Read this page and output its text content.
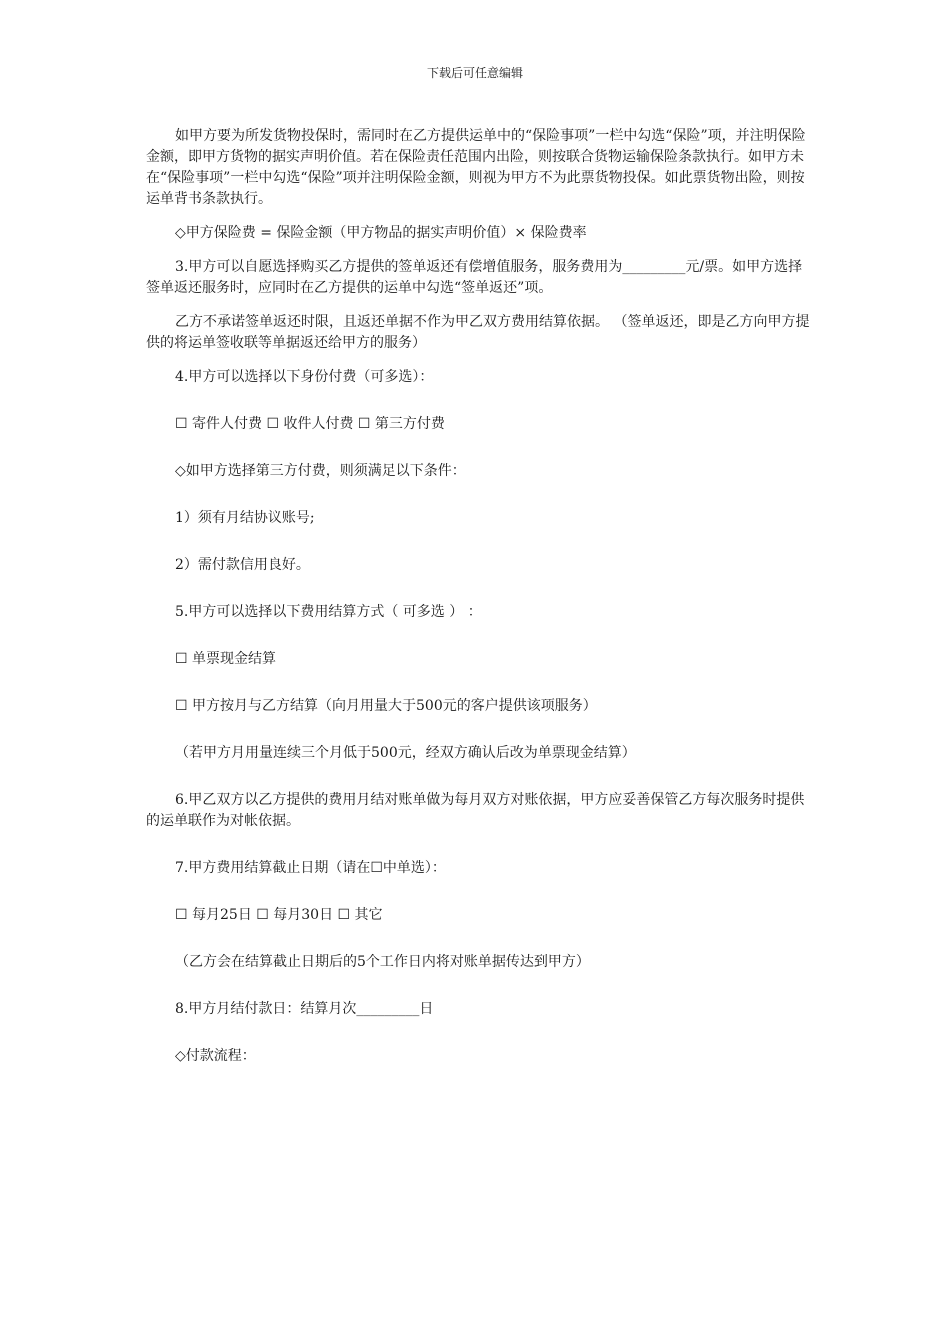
下载后可任意编辑

如甲方要为所发货物投保时，需同时在乙方提供运单中的“保险事项”一栏中勾选“保险”项，并注明保险金额，即甲方货物的据实声明价值。若在保险责任范围内出险，则按联合货物运输保险条款执行。如甲方未在“保险事项”一栏中勾选“保险”项并注明保险金额，则视为甲方不为此票货物投保。如此票货物出险，则按运单背书条款执行。

◇甲方保险费 = 保险金额（甲方物品的据实声明价值）× 保险费率

3.甲方可以自愿选择购买乙方提供的签单返还有偿增值服务，服务费用为_________元/票。如甲方选择签单返还服务时，应同时在乙方提供的运单中勾选“签单返还”项。

乙方不承诺签单返还时限，且返还单据不作为甲乙双方费用结算依据。 （签单返还，即是乙方向甲方提供的将运单签收联等单据返还给甲方的服务）

4.甲方可以选择以下身份付费（可多选）：

☐ 寄件人付费 ☐ 收件人付费 ☐ 第三方付费

◇如甲方选择第三方付费，则须满足以下条件：

1）须有月结协议账号;

2）需付款信用良好。

5.甲方可以选择以下费用结算方式（ 可多选 ） ：

☐ 单票现金结算

☐ 甲方按月与乙方结算（向月用量大于500元的客户提供该项服务）

（若甲方月用量连续三个月低于500元，经双方确认后改为单票现金结算）

6.甲乙双方以乙方提供的费用月结对账单做为每月双方对账依据，甲方应妥善保管乙方每次服务时提供的运单联作为对帐依据。

7.甲方费用结算截止日期（请在☐中单选）：

☐ 每月25日 ☐ 每月30日 ☐ 其它

（乙方会在结算截止日期后的5个工作日内将对账单据传达到甲方）

8.甲方月结付款日：结算月次_________日

◇付款流程：
